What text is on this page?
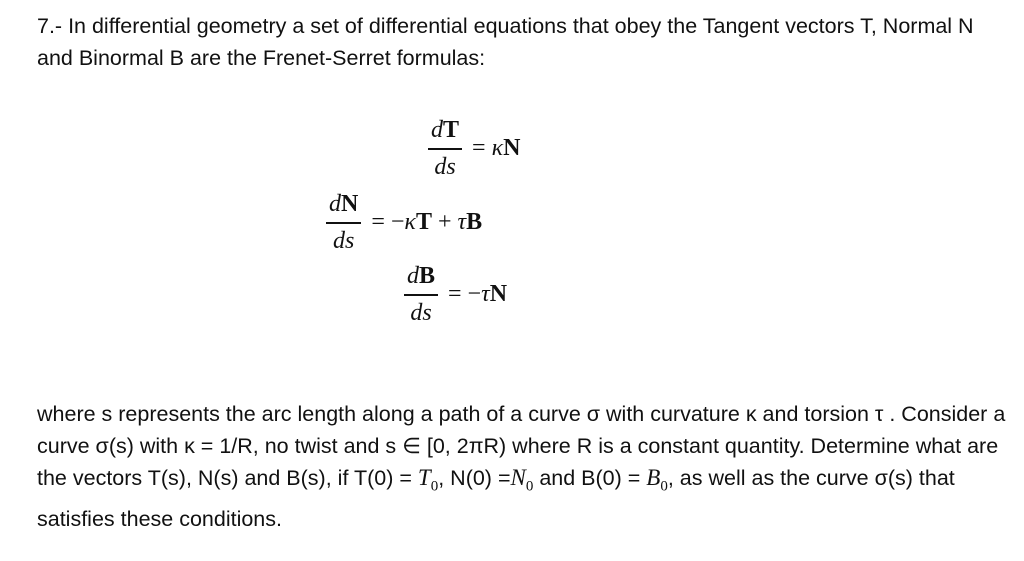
7.- In differential geometry a set of differential equations that obey the Tangent vectors T, Normal N and Binormal B are the Frenet-Serret formulas:
$\frac{dT}{ds} = \kappa N$
$\frac{dN}{ds} = -\kappa T + \tau B$
$\frac{dB}{ds} = -\tau N$
where s represents the arc length along a path of a curve σ with curvature κ and torsion τ . Consider a curve σ(s) with κ = 1/R, no twist and s ∈ [0, 2πR) where R is a constant quantity. Determine what are the vectors T(s), N(s) and B(s), if $T(0) = T_0$, $N(0) =N_0$ and $B(0) = B_0$, as well as the curve σ(s) that satisfies these conditions.
